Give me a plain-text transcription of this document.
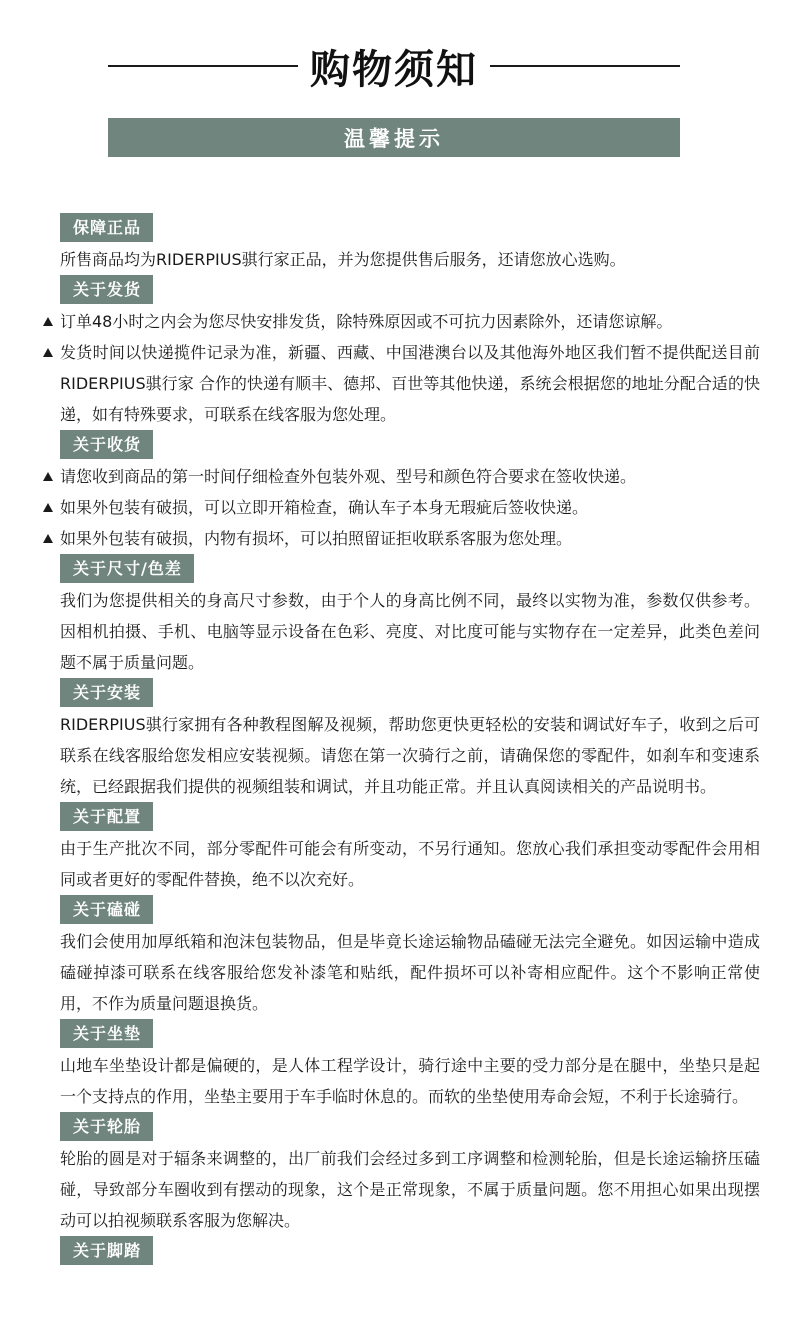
购物须知
温馨提示
保障正品

所售商品均为RIDERPIUS骐行家正品，并为您提供售后服务，还请您放心选购。

关于发货
订单48小时之内会为您尽快安排发货，除特殊原因或不可抗力因素除外，还请您谅解。
发货时间以快递揽件记录为准，新疆、西藏、中国港澳台以及其他海外地区我们暂不提供配送目前RIDERPIUS骐行家 合作的快递有顺丰、德邦、百世等其他快递，系统会根据您的地址分配合适的快递，如有特殊要求，可联系在线客服为您处理。
关于收货
请您收到商品的第一时间仔细检查外包装外观、型号和颜色符合要求在签收快递。
如果外包装有破损，可以立即开箱检查，确认车子本身无瑕疵后签收快递。
如果外包装有破损，内物有损坏，可以拍照留证拒收联系客服为您处理。
关于尺寸/色差

我们为您提供相关的身高尺寸参数，由于个人的身高比例不同，最终以实物为准，参数仅供参考。因相机拍摄、手机、电脑等显示设备在色彩、亮度、对比度可能与实物存在一定差异，此类色差问题不属于质量问题。

关于安装

RIDERPIUS骐行家拥有各种教程图解及视频，帮助您更快更轻松的安装和调试好车子，收到之后可联系在线客服给您发相应安装视频。请您在第一次骑行之前，请确保您的零配件，如刹车和变速系统，已经跟据我们提供的视频组装和调试，并且功能正常。并且认真阅读相关的产品说明书。

关于配置

由于生产批次不同，部分零配件可能会有所变动，不另行通知。您放心我们承担变动零配件会用相同或者更好的零配件替换，绝不以次充好。

关于磕碰

我们会使用加厚纸箱和泡沫包装物品，但是毕竟长途运输物品磕碰无法完全避免。如因运输中造成磕碰掉漆可联系在线客服给您发补漆笔和贴纸，配件损坏可以补寄相应配件。这个不影响正常使用，不作为质量问题退换货。

关于坐垫

山地车坐垫设计都是偏硬的，是人体工程学设计，骑行途中主要的受力部分是在腿中，坐垫只是起一个支持点的作用，坐垫主要用于车手临时休息的。而软的坐垫使用寿命会短，不利于长途骑行。

关于轮胎

轮胎的圆是对于辐条来调整的，出厂前我们会经过多到工序调整和检测轮胎，但是长途运输挤压磕碰，导致部分车圈收到有摆动的现象，这个是正常现象，不属于质量问题。您不用担心如果出现摆动可以拍视频联系客服为您解决。

关于脚踏
